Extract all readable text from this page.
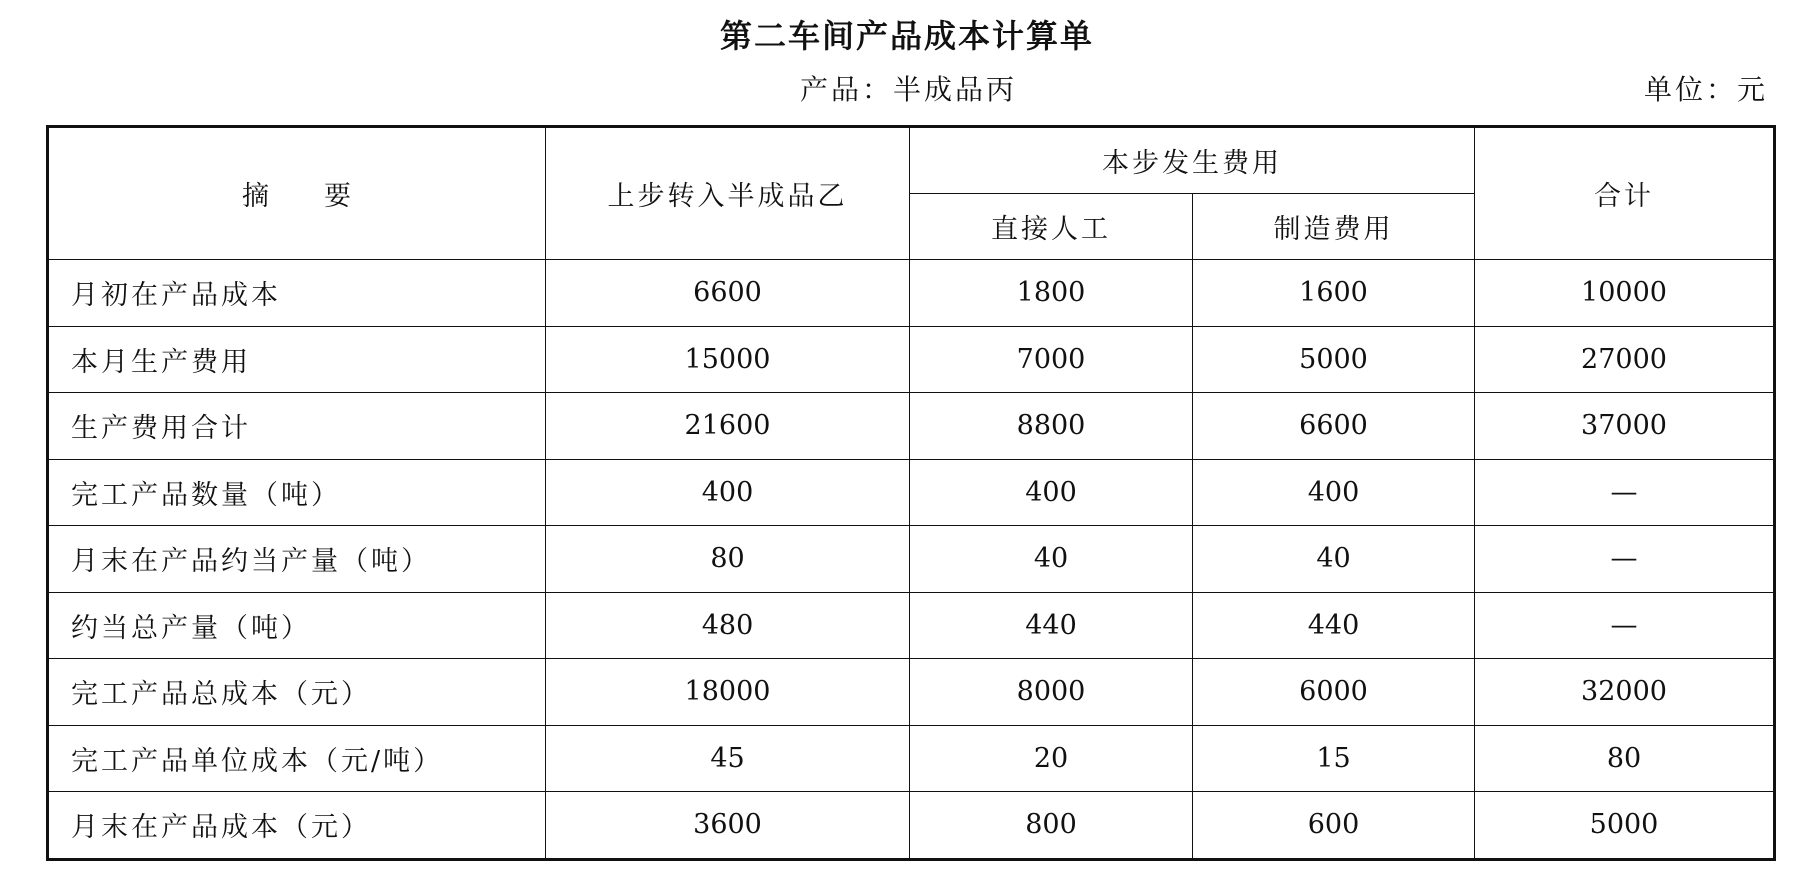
第二车间产品成本计算单
产品：半成品丙	单位：元
摘 要	上步转入半成品乙	本步发生费用		合计
		直接人工	制造费用	
月初在产品成本	6600	1800	1600	10000
本月生产费用	15000	7000	5000	27000
生产费用合计	21600	8800	6600	37000
完工产品数量（吨）	400	400	400	—
月末在产品约当产量（吨）	80	40	40	—
约当总产量（吨）	480	440	440	—
完工产品总成本（元）	18000	8000	6000	32000
完工产品单位成本（元/吨）	45	20	15	80
月末在产品成本（元）	3600	800	600	5000
